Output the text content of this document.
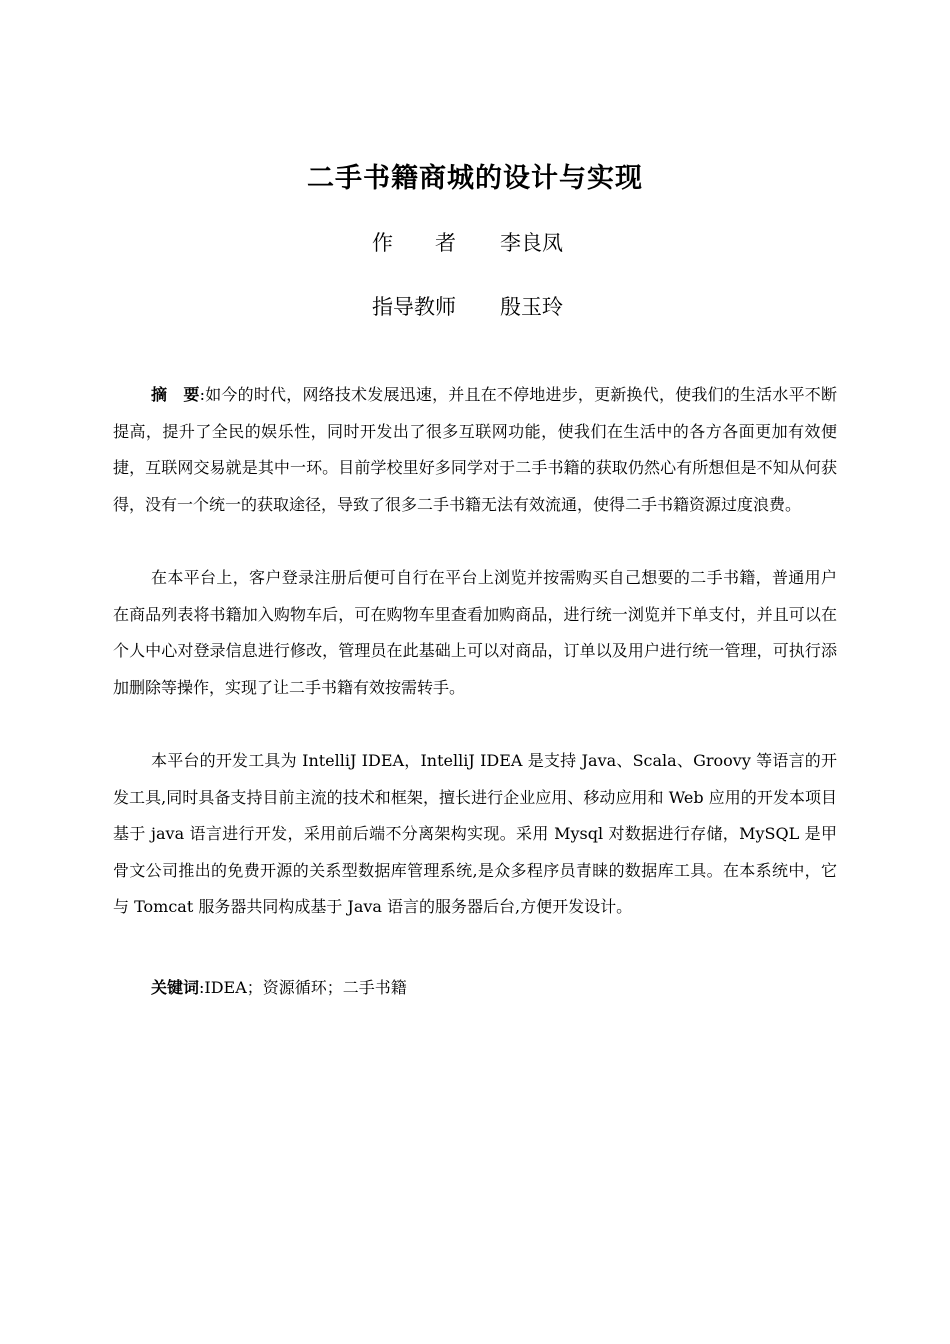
二手书籍商城的设计与实现
作　　者 李良凤
指导教师 殷玉玲

摘　要:如今的时代，网络技术发展迅速，并且在不停地进步，更新换代，使我们的生活水平不断提高，提升了全民的娱乐性，同时开发出了很多互联网功能，使我们在生活中的各方各面更加有效便捷，互联网交易就是其中一环。目前学校里好多同学对于二手书籍的获取仍然心有所想但是不知从何获得，没有一个统一的获取途径，导致了很多二手书籍无法有效流通，使得二手书籍资源过度浪费。

在本平台上，客户登录注册后便可自行在平台上浏览并按需购买自己想要的二手书籍，普通用户在商品列表将书籍加入购物车后，可在购物车里查看加购商品，进行统一浏览并下单支付，并且可以在个人中心对登录信息进行修改，管理员在此基础上可以对商品，订单以及用户进行统一管理，可执行添加删除等操作，实现了让二手书籍有效按需转手。

本平台的开发工具为 IntelliJ IDEA，IntelliJ IDEA 是支持 Java、Scala、Groovy 等语言的开发工具,同时具备支持目前主流的技术和框架，擅长进行企业应用、移动应用和 Web 应用的开发本项目基于 java 语言进行开发，采用前后端不分离架构实现。采用 Mysql 对数据进行存储，MySQL 是甲骨文公司推出的免费开源的关系型数据库管理系统,是众多程序员青睐的数据库工具。在本系统中，它与 Tomcat 服务器共同构成基于 Java 语言的服务器后台,方便开发设计。

关键词:IDEA；资源循环；二手书籍
